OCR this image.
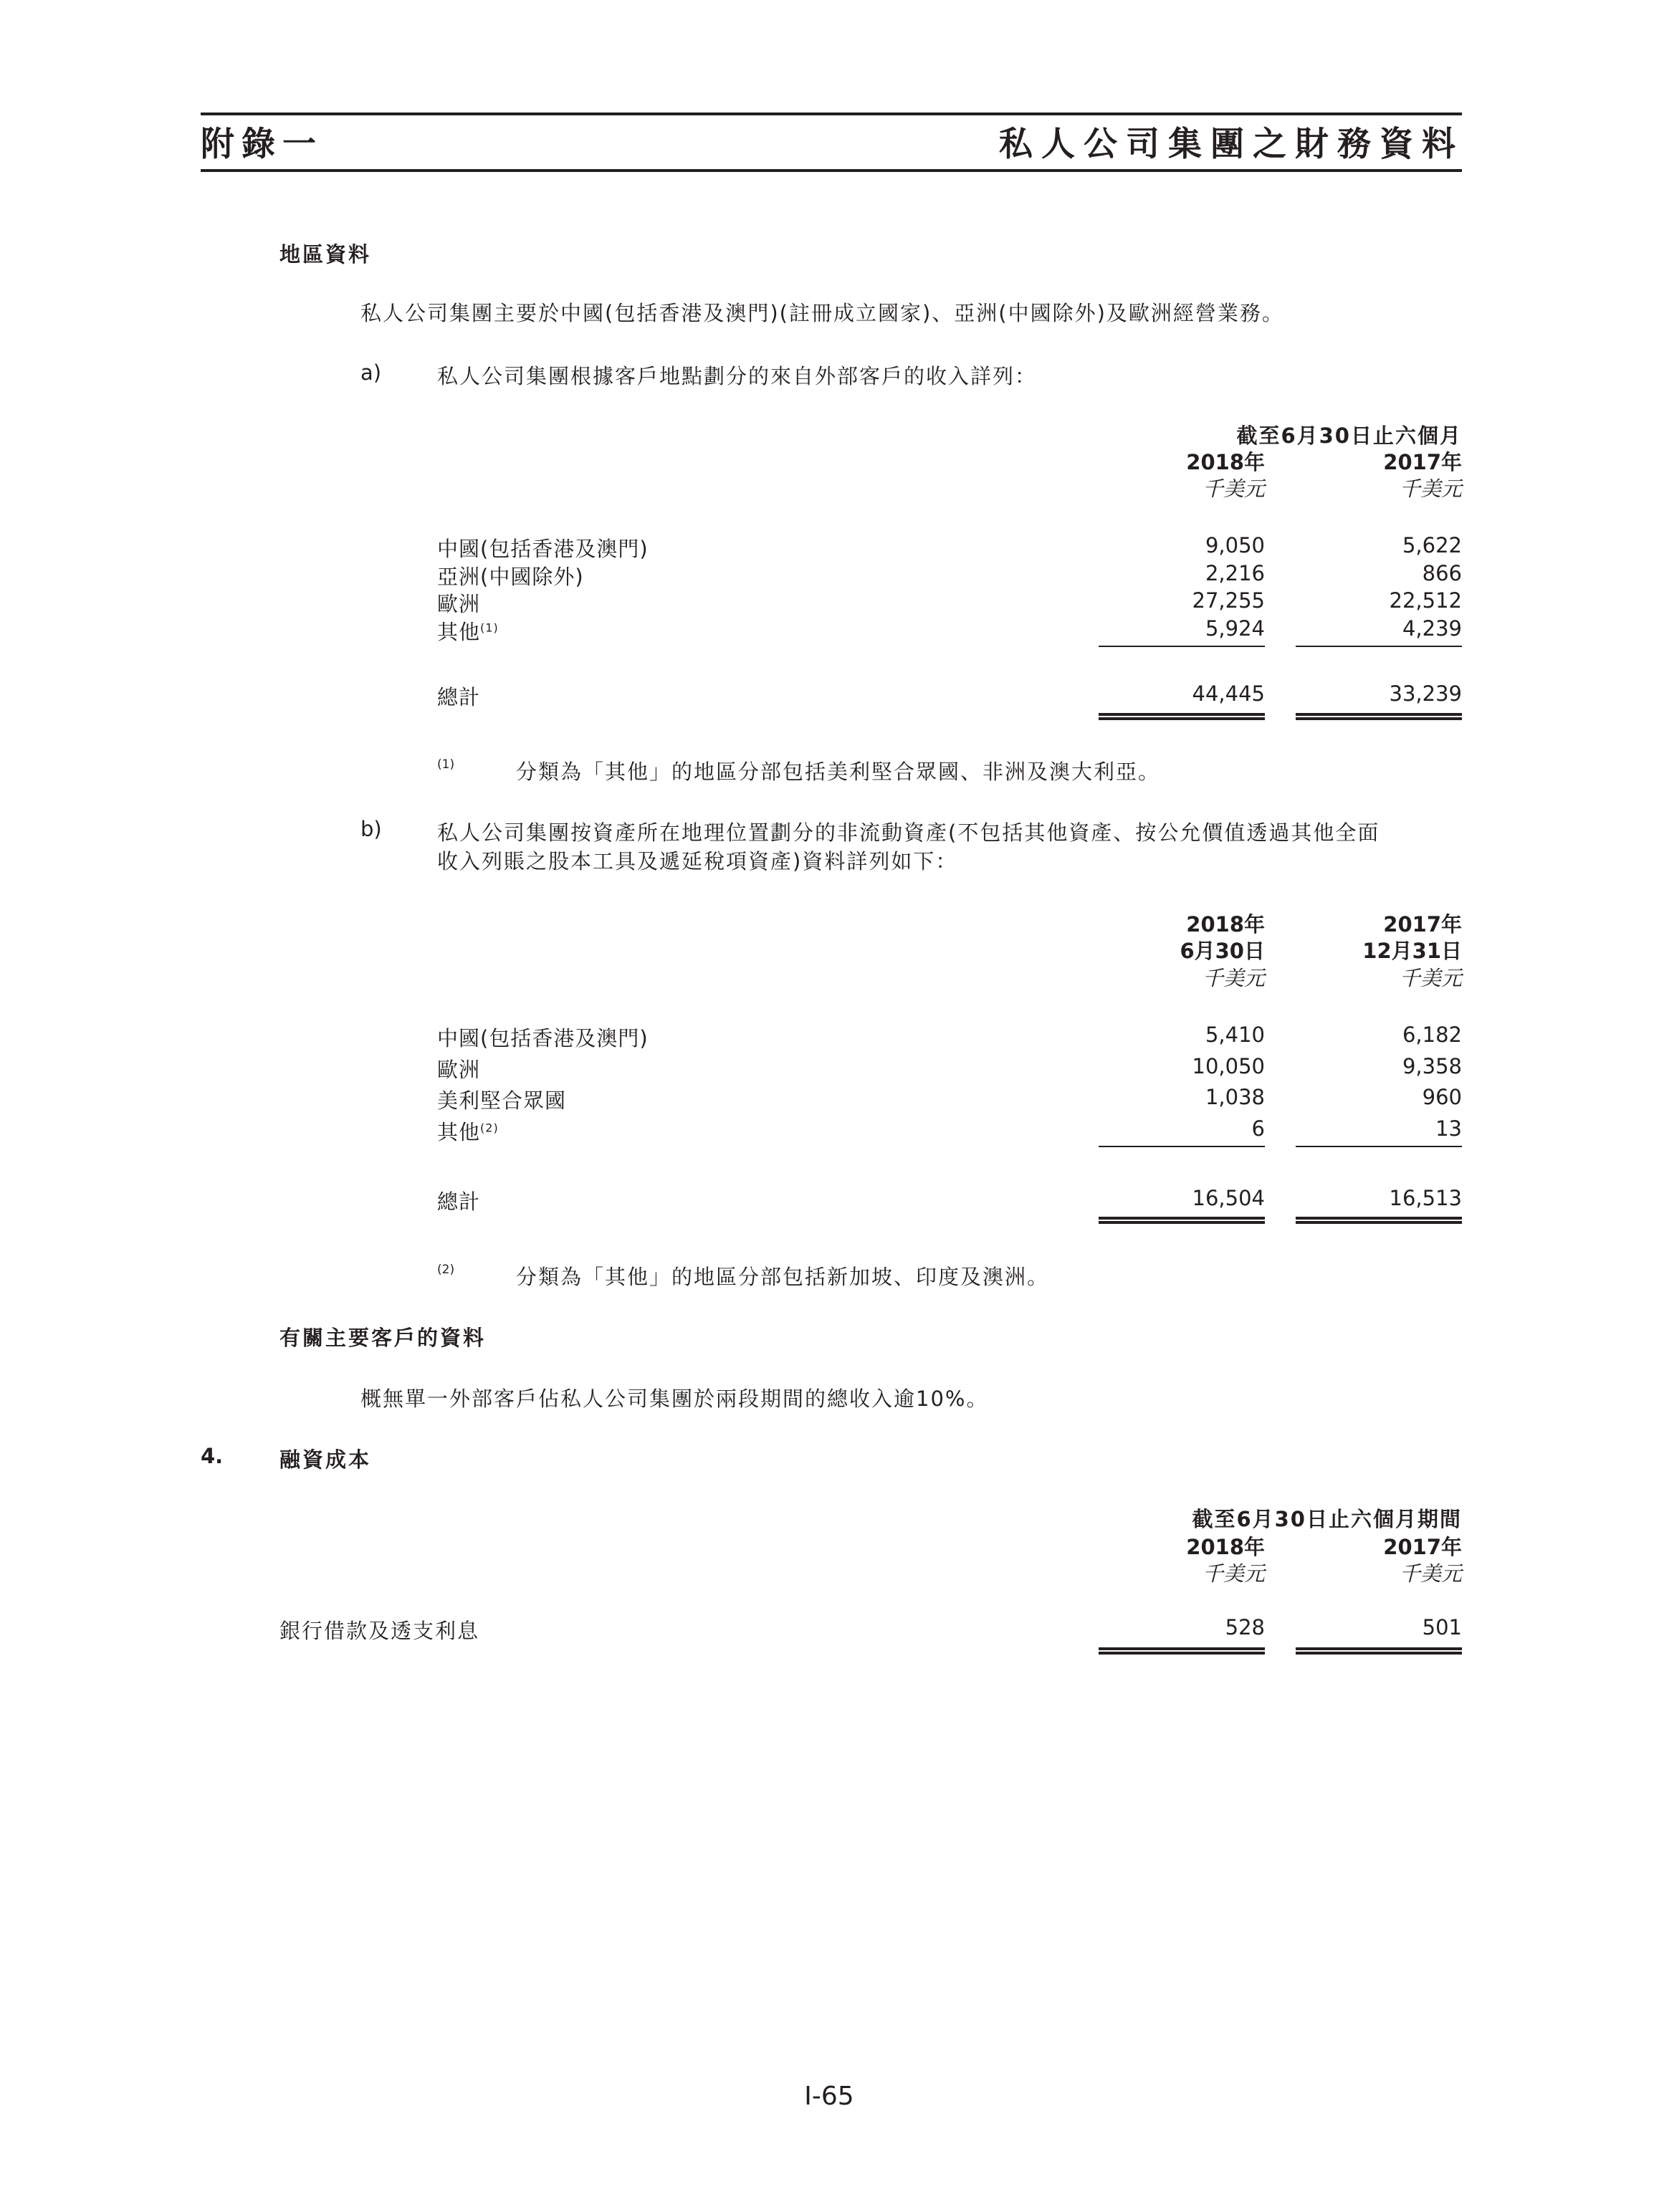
附錄一	私人公司集團之財務資料
地區資料
私人公司集團主要於中國(包括香港及澳門)(註冊成立國家)、亞洲(中國除外)及歐洲經營業務。
a)	私人公司集團根據客戶地點劃分的來自外部客戶的收入詳列：
截至6月30日止六個月
2018年	2017年
千美元	千美元
中國(包括香港及澳門)	9,050	5,622
亞洲(中國除外)	2,216	866
歐洲	27,255	22,512
其他$^{(1)}$	5,924	4,239
總計	44,445	33,239
(1)	分類為「其他」的地區分部包括美利堅合眾國、非洲及澳大利亞。
b)	私人公司集團按資產所在地理位置劃分的非流動資產(不包括其他資產、按公允價值透過其他全面
收入列賬之股本工具及遞延稅項資產)資料詳列如下：
2018年	2017年
6月30日	12月31日
千美元	千美元
中國(包括香港及澳門)	5,410	6,182
歐洲	10,050	9,358
美利堅合眾國	1,038	960
其他$^{(2)}$	6	13
總計	16,504	16,513
(2)	分類為「其他」的地區分部包括新加坡、印度及澳洲。
有關主要客戶的資料
概無單一外部客戶佔私人公司集團於兩段期間的總收入逾10%。
4.	融資成本
截至6月30日止六個月期間
2018年	2017年
千美元	千美元
銀行借款及透支利息	528	501
I-65
